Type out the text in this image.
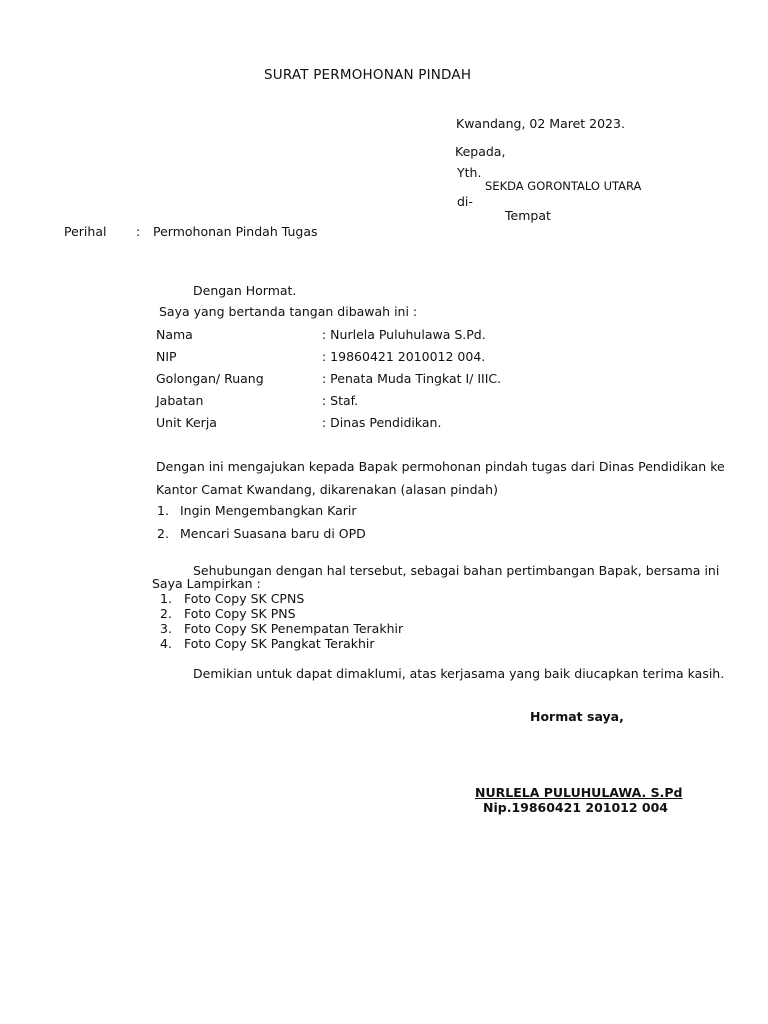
SURAT PERMOHONAN PINDAH
Kwandang, 02 Maret 2023.
Kepada,
Yth.
SEKDA GORONTALO UTARA
di-
Tempat
Perihal : Permohonan Pindah Tugas
Dengan Hormat.
Saya yang bertanda tangan dibawah ini :
Nama	: Nurlela Puluhulawa S.Pd.
NIP	: 19860421 2010012 004.
Golongan/ Ruang	: Penata Muda Tingkat I/ IIIC.
Jabatan	: Staf.
Unit Kerja	: Dinas Pendidikan.
Dengan ini mengajukan kepada Bapak permohonan pindah tugas dari Dinas Pendidikan ke
Kantor Camat Kwandang, dikarenakan (alasan pindah)
1. Ingin Mengembangkan Karir
2. Mencari Suasana baru di OPD
Sehubungan dengan hal tersebut, sebagai bahan pertimbangan Bapak, bersama ini
Saya Lampirkan :
1. Foto Copy SK CPNS
2. Foto Copy SK PNS
3. Foto Copy SK Penempatan Terakhir
4. Foto Copy SK Pangkat Terakhir
Demikian untuk dapat dimaklumi, atas kerjasama yang baik diucapkan terima kasih.
Hormat saya,
NURLELA PULUHULAWA. S.Pd
Nip.19860421 201012 004
